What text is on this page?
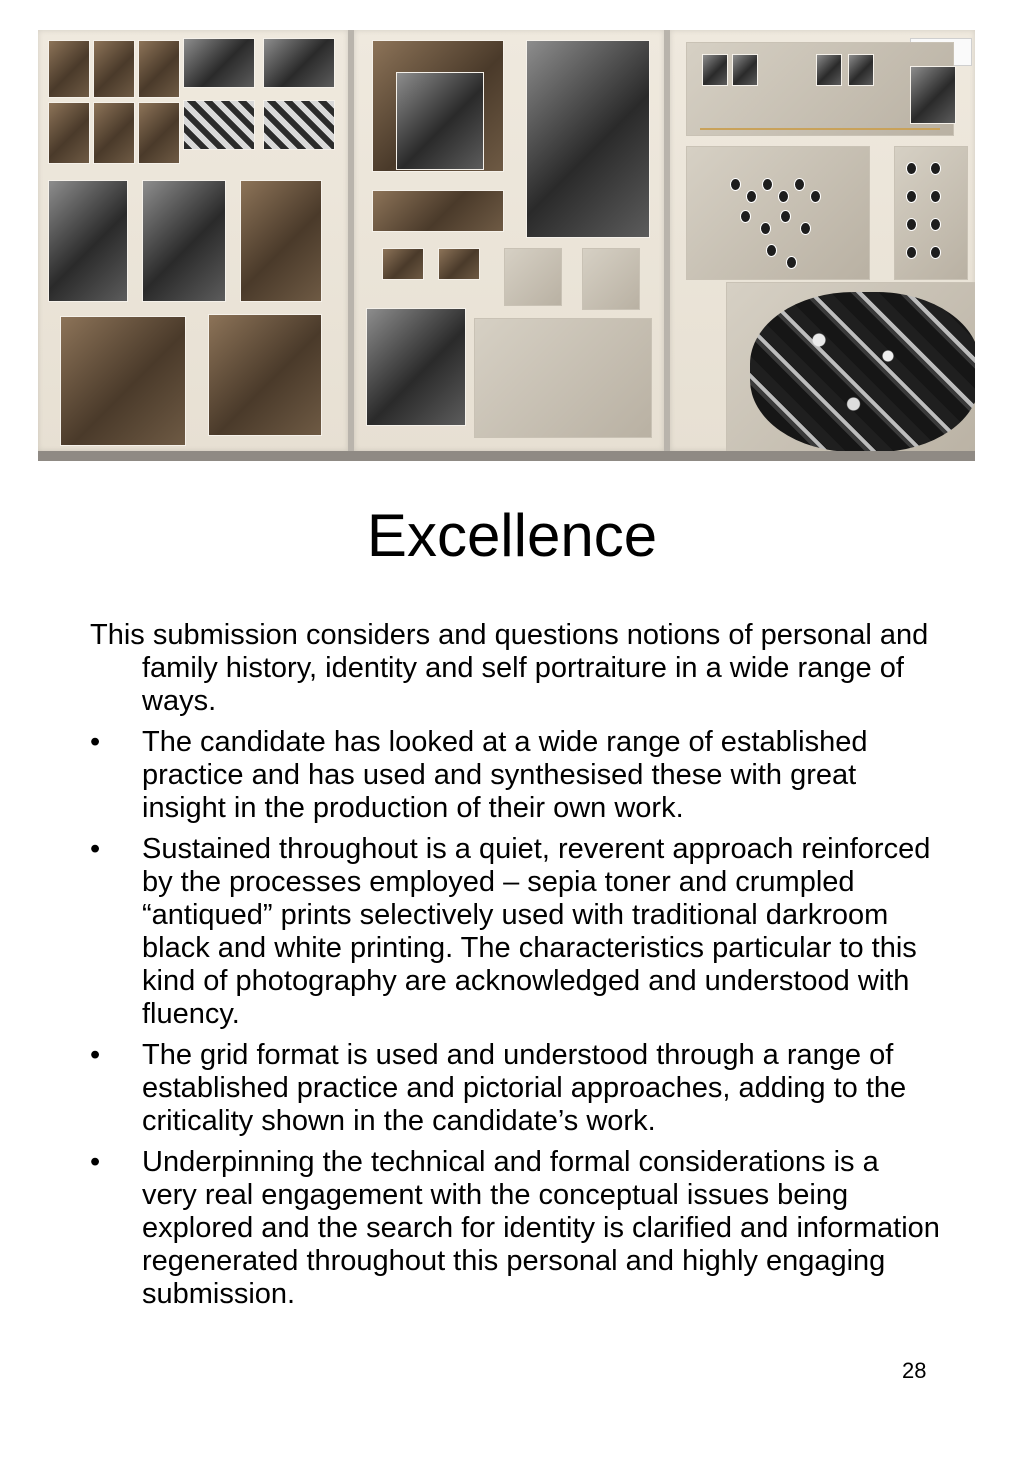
Excellence

This submission considers and questions notions of personal and family history, identity and self portraiture in a wide range of ways.

•	The candidate has looked at a wide range of established practice and has used and synthesised these with great insight in the production of their own work.
•	Sustained throughout is a quiet, reverent approach reinforced by the processes employed – sepia toner and crumpled “antiqued” prints selectively used with traditional darkroom black and white printing. The characteristics particular to this kind of photography are acknowledged and understood with fluency.
•	The grid format is used and understood through a range of established practice and pictorial approaches, adding to the criticality shown in the candidate’s work.
•	Underpinning the technical and formal considerations is a very real engagement with the conceptual issues being explored and the search for identity is clarified and information regenerated throughout this personal and highly engaging submission.
28
